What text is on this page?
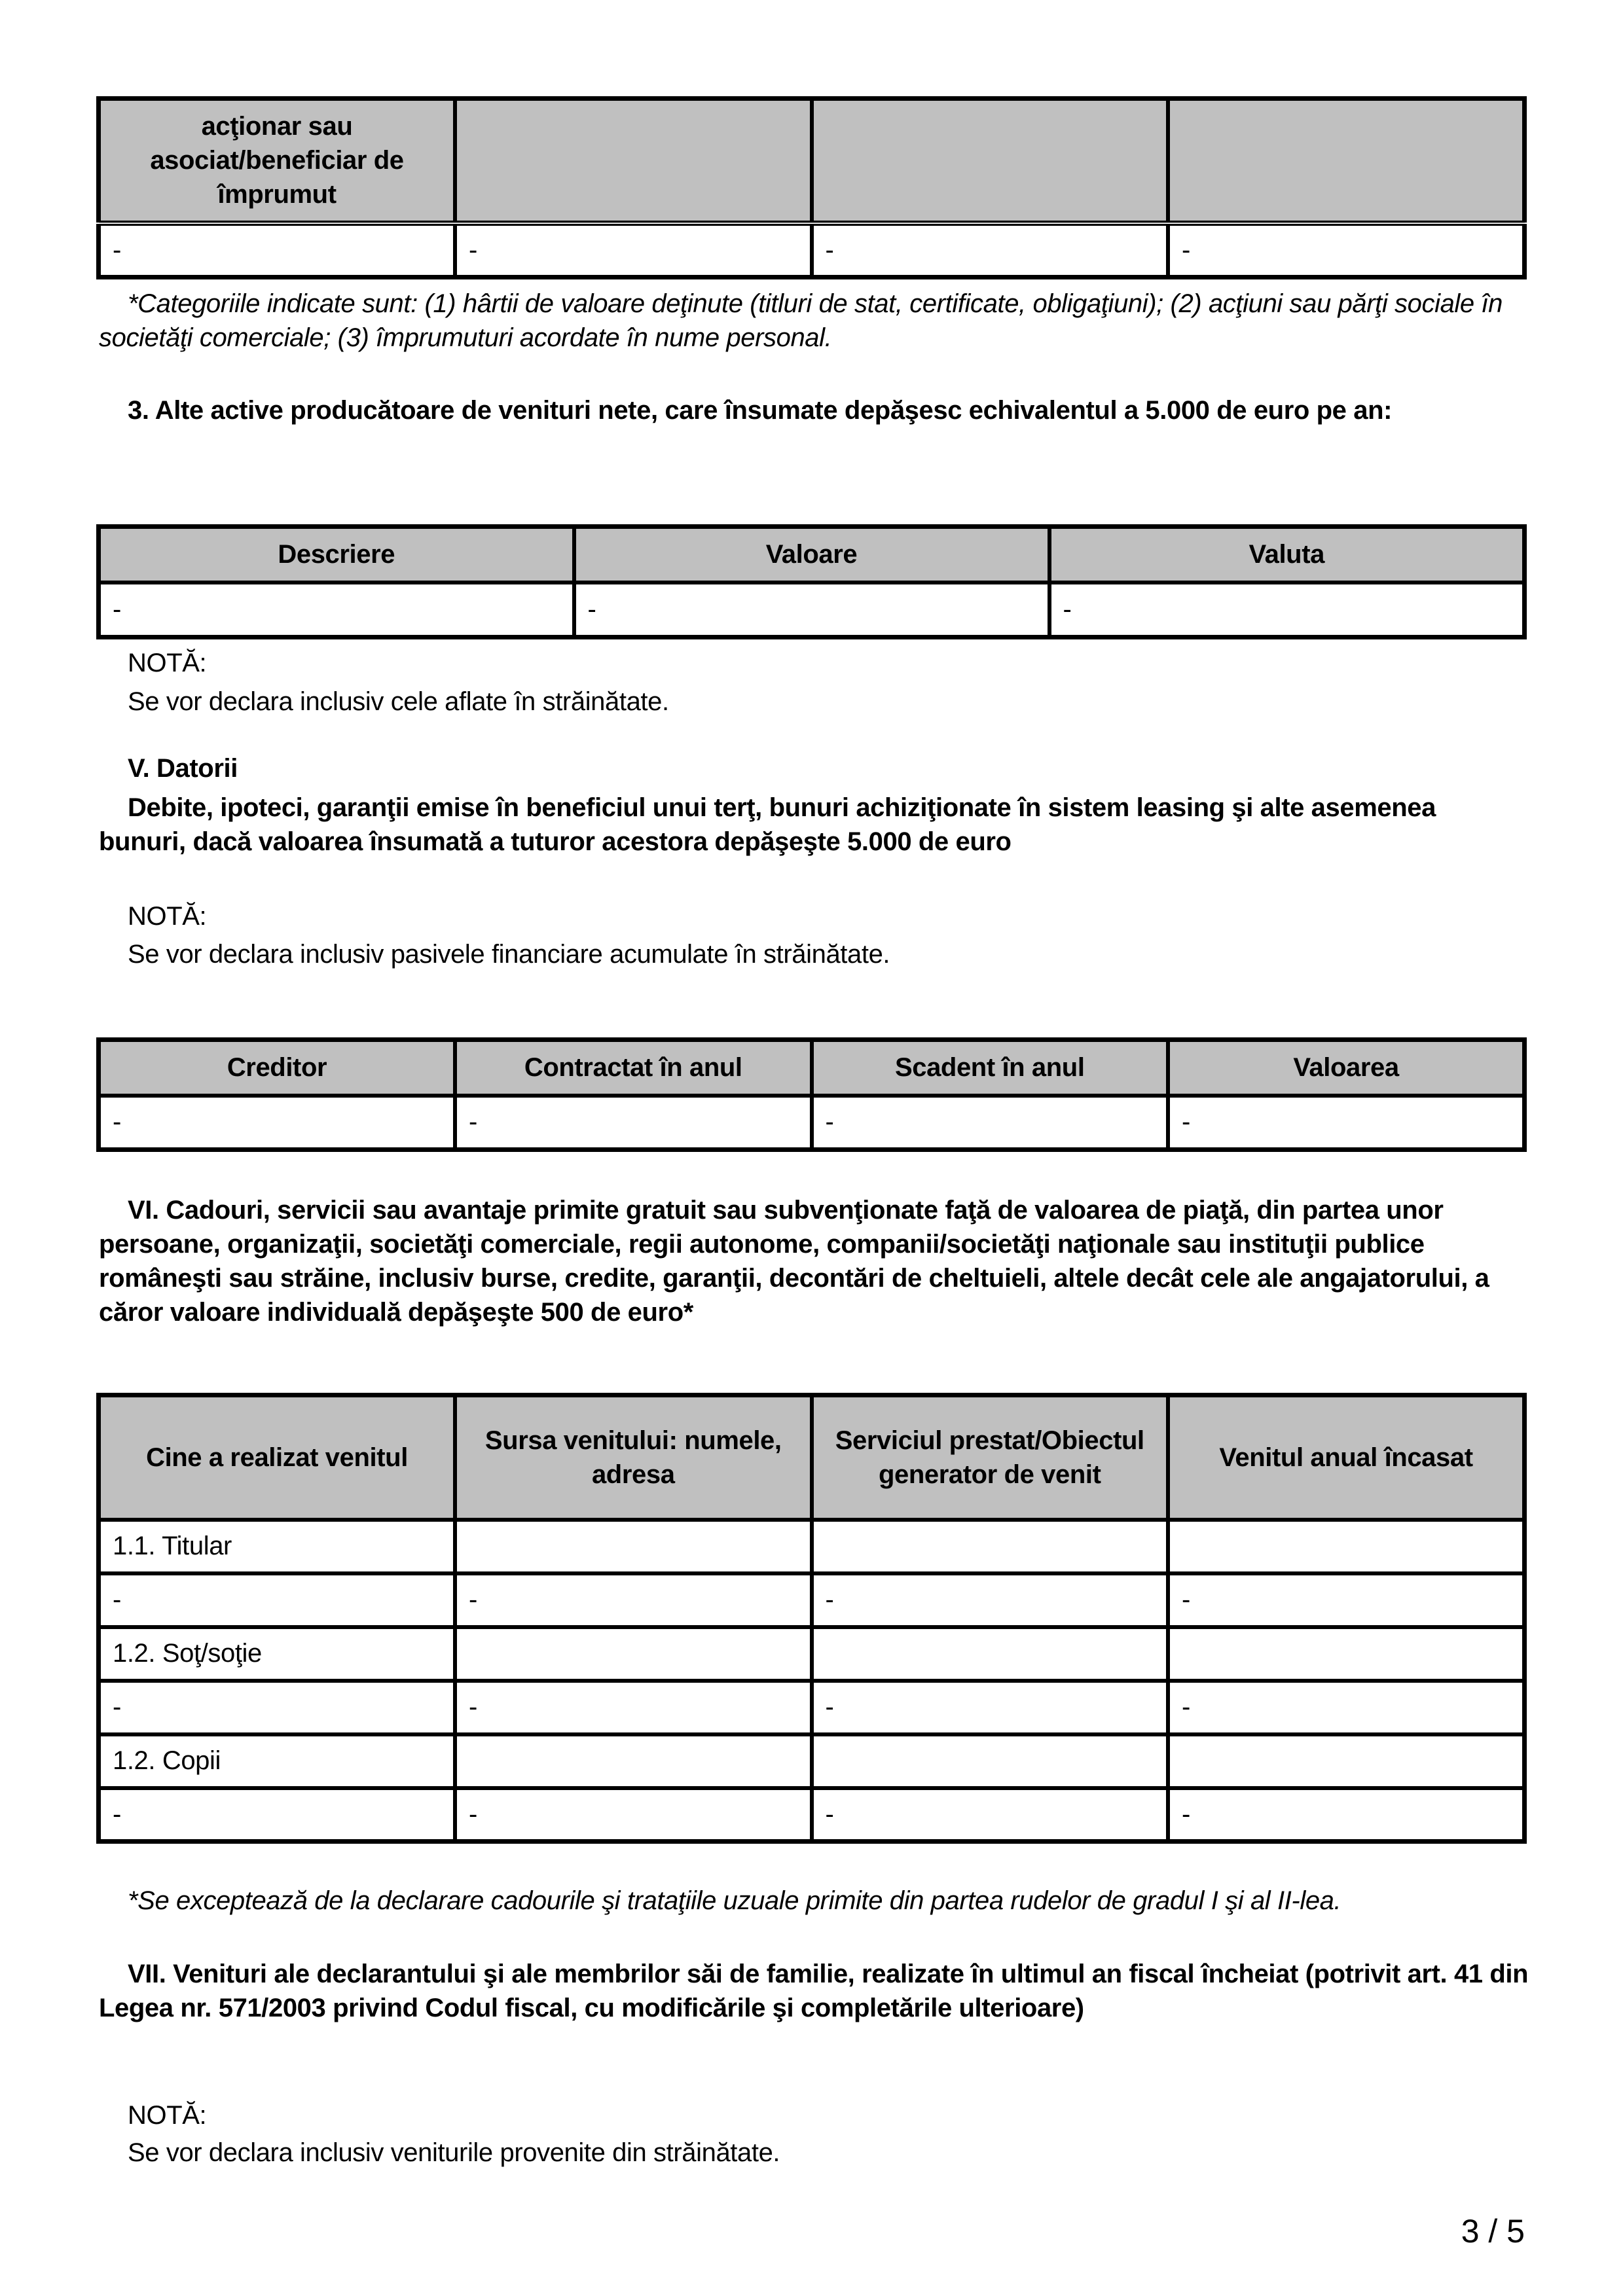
acţionar sau asociat/beneficiar de împrumut			
-	-	-	-

*Categoriile indicate sunt: (1) hârtii de valoare deţinute (titluri de stat, certificate, obligaţiuni); (2) acţiuni sau părţi sociale în societăţi comerciale; (3) împrumuturi acordate în nume personal.

3. Alte active producătoare de venituri nete, care însumate depăşesc echivalentul a 5.000 de euro pe an:

Descriere	Valoare	Valuta
-	-	-

NOTĂ:

Se vor declara inclusiv cele aflate în străinătate.

V. Datorii

Debite, ipoteci, garanţii emise în beneficiul unui terţ, bunuri achiziţionate în sistem leasing şi alte asemenea bunuri, dacă valoarea însumată a tuturor acestora depăşeşte 5.000 de euro

NOTĂ:

Se vor declara inclusiv pasivele financiare acumulate în străinătate.

Creditor	Contractat în anul	Scadent în anul	Valoarea
-	-	-	-

VI. Cadouri, servicii sau avantaje primite gratuit sau subvenţionate faţă de valoarea de piaţă, din partea unor persoane, organizaţii, societăţi comerciale, regii autonome, companii/societăţi naţionale sau instituţii publice româneşti sau străine, inclusiv burse, credite, garanţii, decontări de cheltuieli, altele decât cele ale angajatorului, a căror valoare individuală depăşeşte 500 de euro*

Cine a realizat venitul	Sursa venitului: numele, adresa	Serviciul prestat/Obiectul generator de venit	Venitul anual încasat
1.1. Titular			
-	-	-	-
1.2. Soţ/soţie			
-	-	-	-
1.2. Copii			
-	-	-	-

*Se exceptează de la declarare cadourile şi trataţiile uzuale primite din partea rudelor de gradul I şi al II-lea.

VII. Venituri ale declarantului şi ale membrilor săi de familie, realizate în ultimul an fiscal încheiat (potrivit art. 41 din Legea nr. 571/2003 privind Codul fiscal, cu modificările şi completările ulterioare)

NOTĂ:

Se vor declara inclusiv veniturile provenite din străinătate.

3 / 5
